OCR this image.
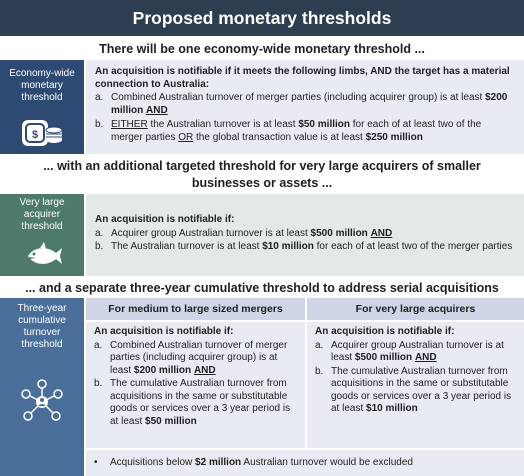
Proposed monetary thresholds
There will be one economy-wide monetary threshold ...
Economy-wide
monetary
threshold
$
An acquisition is notifiable if it meets the following limbs, AND the target has a material connection to Australia:
a. Combined Australian turnover of merger parties (including acquirer group) is at least $200 million AND
b. EITHER the Australian turnover is at least $50 million for each of at least two of the merger parties OR the global transaction value is at least $250 million
... with an additional targeted threshold for very large acquirers of smaller businesses or assets ...
Very large
acquirer
threshold
An acquisition is notifiable if:
a. Acquirer group Australian turnover is at least $500 million AND
b. The Australian turnover is at least $10 million for each of at least two of the merger parties
... and a separate three-year cumulative threshold to address serial acquisitions
Three-year
cumulative
turnover
threshold
For medium to large sized mergers	For very large acquirers
An acquisition is notifiable if:
a. Combined Australian turnover of merger parties (including acquirer group) is at least $200 million AND
b. The cumulative Australian turnover from acquisitions in the same or substitutable goods or services over a 3 year period is at least $50 million
An acquisition is notifiable if:
a. Acquirer group Australian turnover is at least $500 million AND
b. The cumulative Australian turnover from acquisitions in the same or substitutable goods or services over a 3 year period is at least $10 million
•	Acquisitions below $2 million Australian turnover would be excluded
